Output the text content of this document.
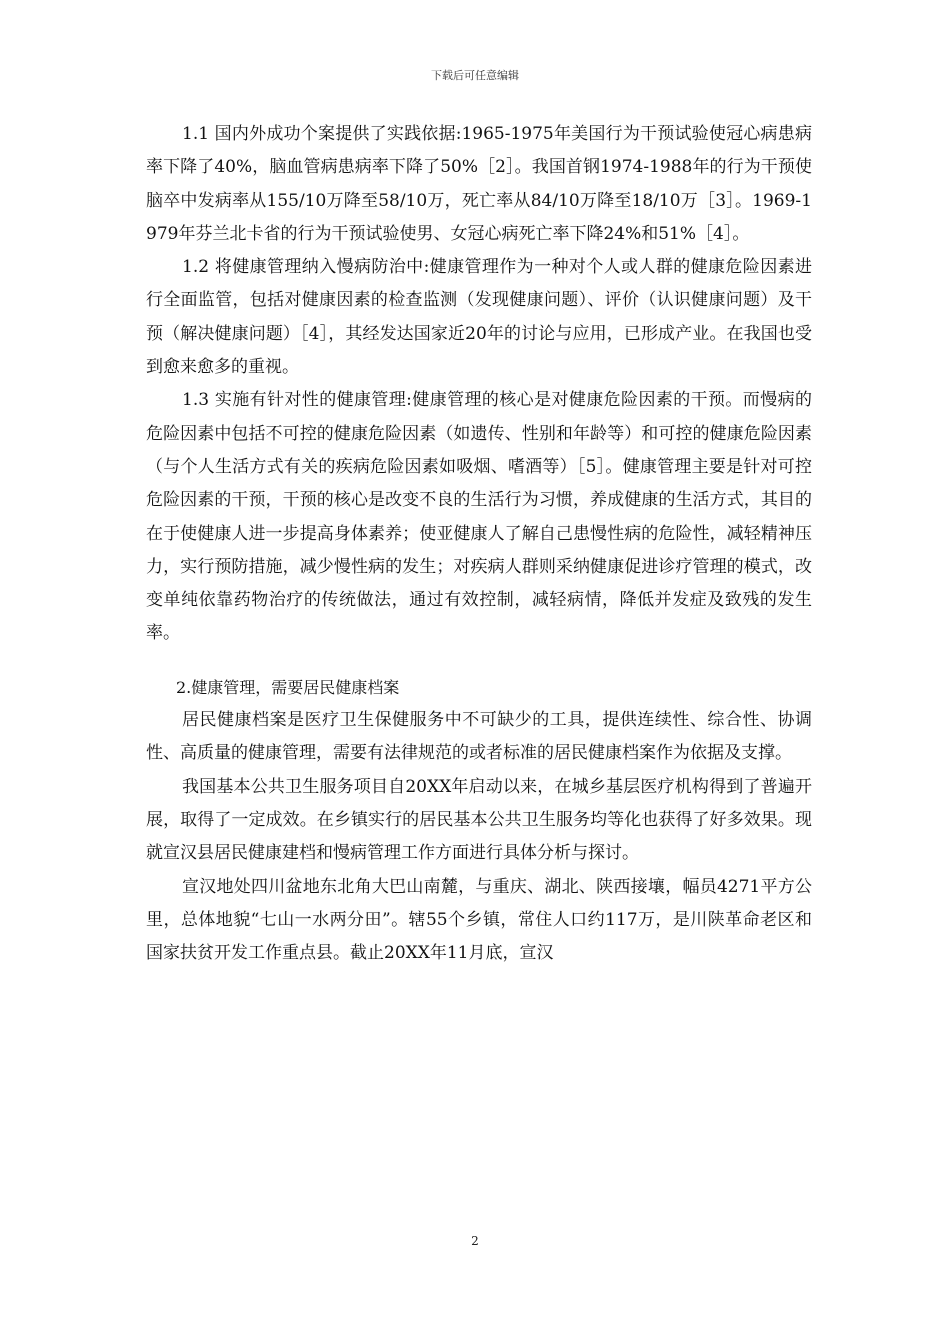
下载后可任意编辑

1.1 国内外成功个案提供了实践依据:1965-1975年美国行为干预试验使冠心病患病率下降了40%，脑血管病患病率下降了50%［2］。我国首钢1974-1988年的行为干预使脑卒中发病率从155/10万降至58/10万，死亡率从84/10万降至18/10万［3］。1969-1979年芬兰北卡省的行为干预试验使男、女冠心病死亡率下降24%和51%［4］。

1.2 将健康管理纳入慢病防治中:健康管理作为一种对个人或人群的健康危险因素进行全面监管，包括对健康因素的检查监测（发现健康问题）、评价（认识健康问题）及干预（解决健康问题）［4］，其经发达国家近20年的讨论与应用，已形成产业。在我国也受到愈来愈多的重视。

1.3 实施有针对性的健康管理:健康管理的核心是对健康危险因素的干预。而慢病的危险因素中包括不可控的健康危险因素（如遗传、性别和年龄等）和可控的健康危险因素（与个人生活方式有关的疾病危险因素如吸烟、嗜酒等）［5］。健康管理主要是针对可控危险因素的干预，干预的核心是改变不良的生活行为习惯，养成健康的生活方式，其目的在于使健康人进一步提高身体素养；使亚健康人了解自己患慢性病的危险性，减轻精神压力，实行预防措施，减少慢性病的发生；对疾病人群则采纳健康促进诊疗管理的模式，改变单纯依靠药物治疗的传统做法，通过有效控制，减轻病情，降低并发症及致残的发生率。

2.健康管理，需要居民健康档案

居民健康档案是医疗卫生保健服务中不可缺少的工具，提供连续性、综合性、协调性、高质量的健康管理，需要有法律规范的或者标准的居民健康档案作为依据及支撑。

我国基本公共卫生服务项目自20XX年启动以来，在城乡基层医疗机构得到了普遍开展，取得了一定成效。在乡镇实行的居民基本公共卫生服务均等化也获得了好多效果。现就宣汉县居民健康建档和慢病管理工作方面进行具体分析与探讨。

宣汉地处四川盆地东北角大巴山南麓，与重庆、湖北、陕西接壤，幅员4271平方公里，总体地貌“七山一水两分田”。辖55个乡镇，常住人口约117万，是川陕革命老区和国家扶贫开发工作重点县。截止20XX年11月底，宣汉

2
